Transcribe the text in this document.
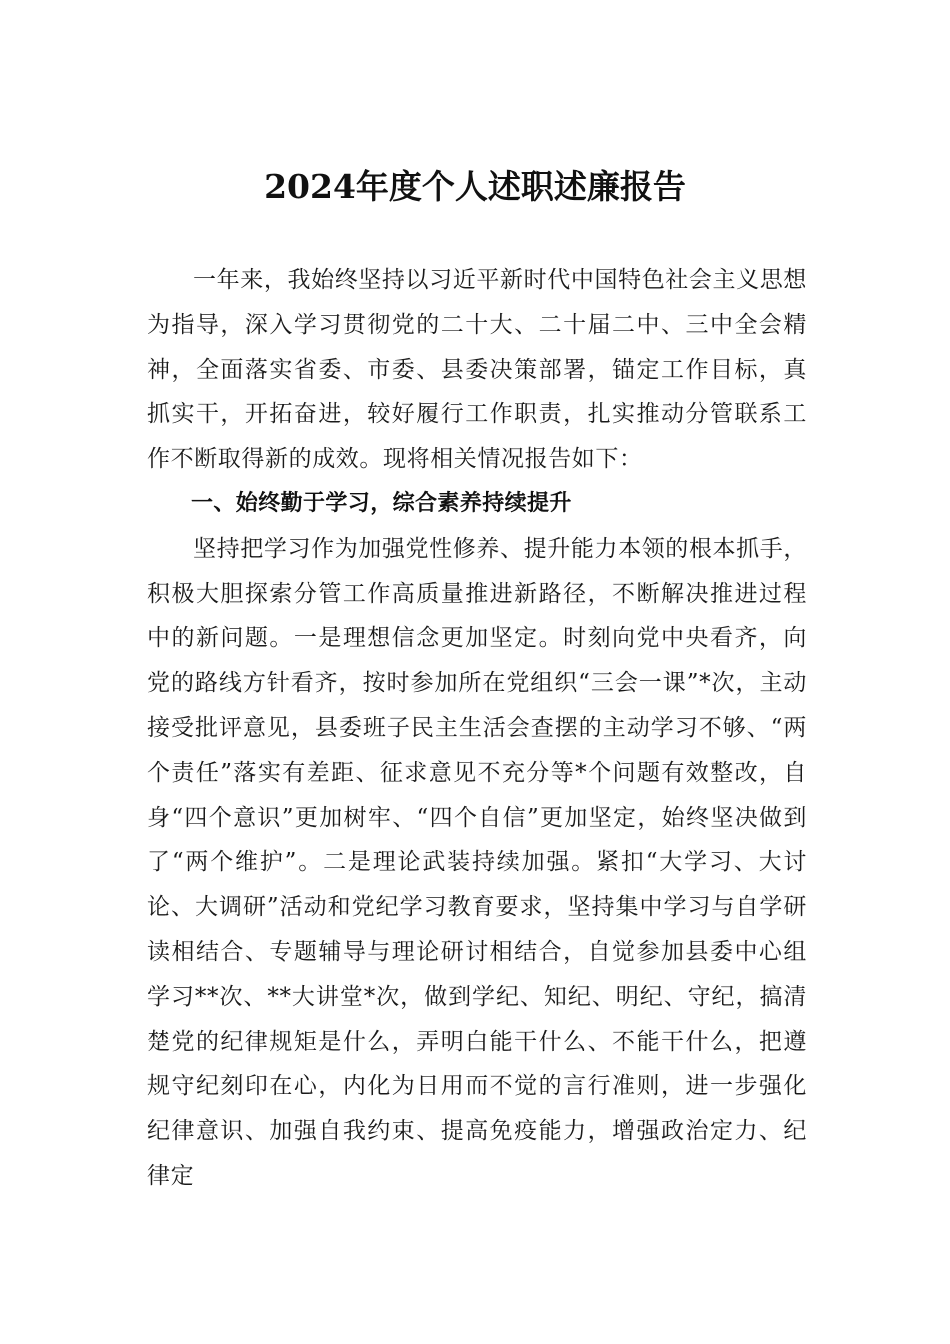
2024年度个人述职述廉报告

一年来，我始终坚持以习近平新时代中国特色社会主义思想为指导，深入学习贯彻党的二十大、二十届二中、三中全会精神，全面落实省委、市委、县委决策部署，锚定工作目标，真抓实干，开拓奋进，较好履行工作职责，扎实推动分管联系工作不断取得新的成效。现将相关情况报告如下：

一、始终勤于学习，综合素养持续提升

坚持把学习作为加强党性修养、提升能力本领的根本抓手，积极大胆探索分管工作高质量推进新路径，不断解决推进过程中的新问题。一是理想信念更加坚定。时刻向党中央看齐，向党的路线方针看齐，按时参加所在党组织“三会一课”*次，主动接受批评意见，县委班子民主生活会查摆的主动学习不够、“两个责任”落实有差距、征求意见不充分等*个问题有效整改，自身“四个意识”更加树牢、“四个自信”更加坚定，始终坚决做到了“两个维护”。二是理论武装持续加强。紧扣“大学习、大讨论、大调研”活动和党纪学习教育要求，坚持集中学习与自学研读相结合、专题辅导与理论研讨相结合，自觉参加县委中心组学习**次、**大讲堂*次，做到学纪、知纪、明纪、守纪，搞清楚党的纪律规矩是什么，弄明白能干什么、不能干什么，把遵规守纪刻印在心，内化为日用而不觉的言行准则，进一步强化纪律意识、加强自我约束、提高免疫能力，增强政治定力、纪律定
